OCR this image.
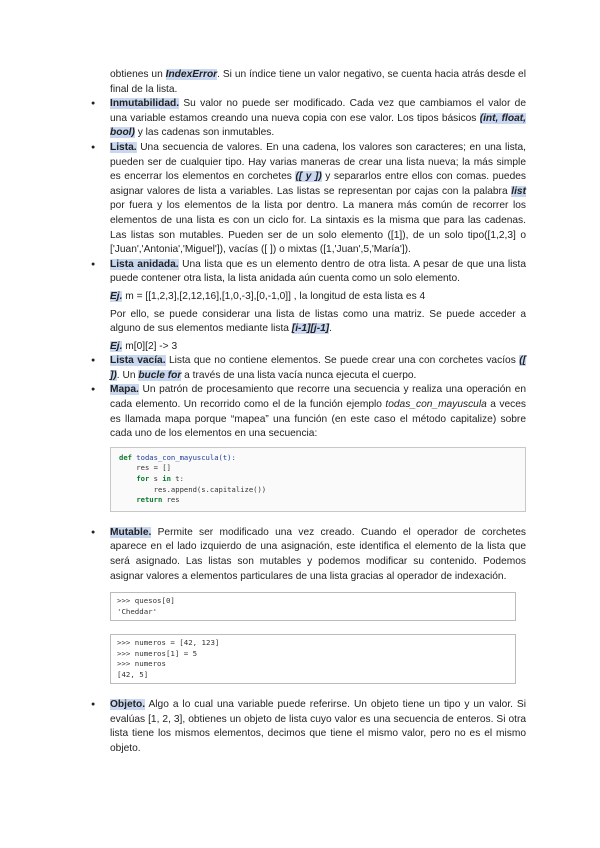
obtienes un IndexError. Si un índice tiene un valor negativo, se cuenta hacia atrás desde el final de la lista.

● Inmutabilidad. Su valor no puede ser modificado. Cada vez que cambiamos el valor de una variable estamos creando una nueva copia con ese valor. Los tipos básicos (int, float, bool) y las cadenas son inmutables.
● Lista. Una secuencia de valores. En una cadena, los valores son caracteres; en una lista, pueden ser de cualquier tipo. Hay varias maneras de crear una lista nueva; la más simple es encerrar los elementos en corchetes ([ y ]) y separarlos entre ellos con comas. puedes asignar valores de lista a variables. Las listas se representan por cajas con la palabra list por fuera y los elementos de la lista por dentro. La manera más común de recorrer los elementos de una lista es con un ciclo for. La sintaxis es la misma que para las cadenas. Las listas son mutables. Pueden ser de un solo elemento ([1]), de un solo tipo([1,2,3] o ['Juan','Antonia','Miguel']), vacías ([ ]) o mixtas ([1,'Juan',5,'María']).

● Lista anidada. Una lista que es un elemento dentro de otra lista. A pesar de que una lista puede contener otra lista, la lista anidada aún cuenta como un solo elemento.

Ej. m = [[1,2,3],[2,12,16],[1,0,-3],[0,-1,0]] , la longitud de esta lista es 4

Por ello, se puede considerar una lista de listas como una matriz. Se puede acceder a alguno de sus elementos mediante lista [i-1][j-1].

Ej. m[0][2] -> 3

● Lista vacía. Lista que no contiene elementos. Se puede crear una con corchetes vacíos ([ ]). Un bucle for a través de una lista vacía nunca ejecuta el cuerpo.

● Mapa. Un patrón de procesamiento que recorre una secuencia y realiza una operación en cada elemento. Un recorrido como el de la función ejemplo todas_con_mayuscula a veces es llamada mapa porque “mapea” una función (en este caso el método capitalize) sobre cada uno de los elementos en una secuencia:

def todas_con_mayuscula(t):
res = []
for s in t:
res.append(s.capitalize())
return res

● Mutable. Permite ser modificado una vez creado. Cuando el operador de corchetes aparece en el lado izquierdo de una asignación, este identifica el elemento de la lista que será asignado. Las listas son mutables y podemos modificar su contenido. Podemos asignar valores a elementos particulares de una lista gracias al operador de indexación.

>>> quesos[0]
'Cheddar'
>>> numeros = [42, 123]
>>> numeros[1] = 5
>>> numeros
[42, 5]
● Objeto. Algo a lo cual una variable puede referirse. Un objeto tiene un tipo y un valor. Si evalúas [1, 2, 3], obtienes un objeto de lista cuyo valor es una secuencia de enteros. Si otra lista tiene los mismos elementos, decimos que tiene el mismo valor, pero no es el mismo objeto.
